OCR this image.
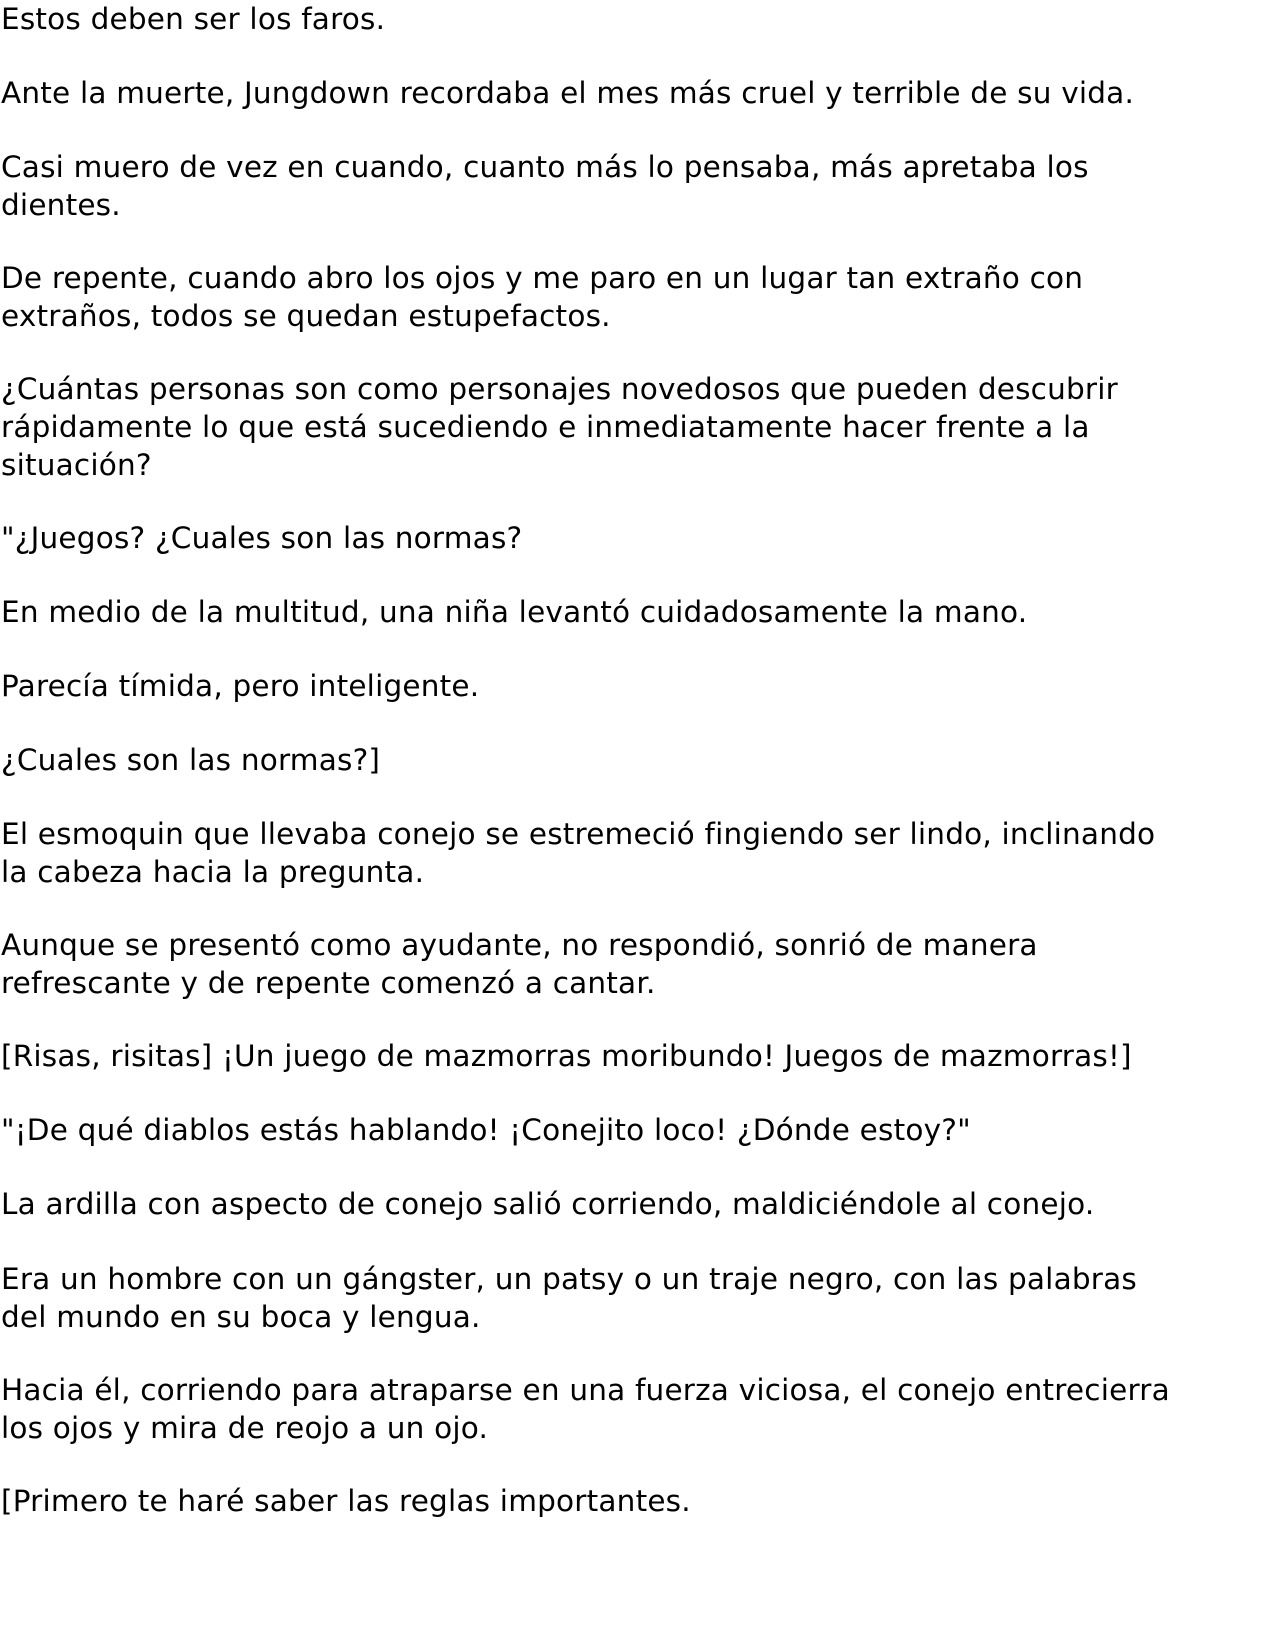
Estos deben ser los faros.

Ante la muerte, Jungdown recordaba el mes más cruel y terrible de su vida.

Casi muero de vez en cuando, cuanto más lo pensaba, más apretaba los
dientes.

De repente, cuando abro los ojos y me paro en un lugar tan extraño con
extraños, todos se quedan estupefactos.

¿Cuántas personas son como personajes novedosos que pueden descubrir
rápidamente lo que está sucediendo e inmediatamente hacer frente a la
situación?

"¿Juegos? ¿Cuales son las normas?

En medio de la multitud, una niña levantó cuidadosamente la mano.

Parecía tímida, pero inteligente.

¿Cuales son las normas?]

El esmoquin que llevaba conejo se estremeció fingiendo ser lindo, inclinando
la cabeza hacia la pregunta.

Aunque se presentó como ayudante, no respondió, sonrió de manera
refrescante y de repente comenzó a cantar.

[Risas, risitas] ¡Un juego de mazmorras moribundo! Juegos de mazmorras!]

"¡De qué diablos estás hablando! ¡Conejito loco! ¿Dónde estoy?"

La ardilla con aspecto de conejo salió corriendo, maldiciéndole al conejo.

Era un hombre con un gángster, un patsy o un traje negro, con las palabras
del mundo en su boca y lengua.

Hacia él, corriendo para atraparse en una fuerza viciosa, el conejo entrecierra
los ojos y mira de reojo a un ojo.

[Primero te haré saber las reglas importantes.
